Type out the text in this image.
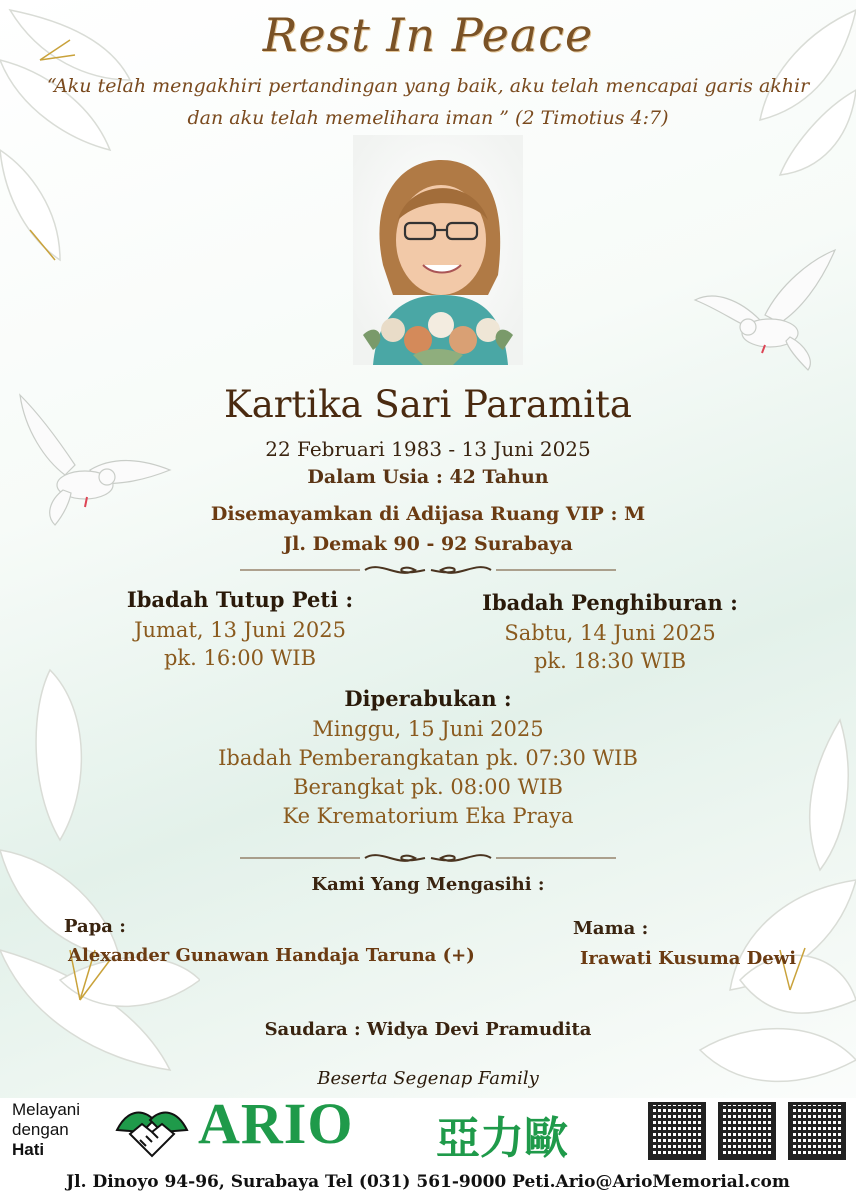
Rest In Peace
“Aku telah mengakhiri pertandingan yang baik, aku telah mencapai garis akhir
dan aku telah memelihara iman ” (2 Timotius 4:7)
Kartika Sari Paramita
22 Februari 1983 - 13 Juni 2025
Dalam Usia : 42 Tahun
Disemayamkan di Adijasa Ruang VIP : M
Jl. Demak 90 - 92 Surabaya
Ibadah Tutup Peti :
Jumat, 13 Juni 2025
pk. 16:00 WIB
Ibadah Penghiburan :
Sabtu, 14 Juni 2025
pk. 18:30 WIB
Diperabukan :
Minggu, 15 Juni 2025
Ibadah Pemberangkatan pk. 07:30 WIB
Berangkat pk. 08:00 WIB
Ke Krematorium Eka Praya
Kami Yang Mengasihi :
Papa :
Alexander Gunawan Handaja Taruna (+)
Mama :
Irawati Kusuma Dewi
Saudara : Widya Devi Pramudita
Beserta Segenap Family
Melayani
dengan
Hati	ARIO 亞力歐
Jl. Dinoyo 94-96, Surabaya Tel (031) 561-9000 Peti.Ario@ArioMemorial.com
